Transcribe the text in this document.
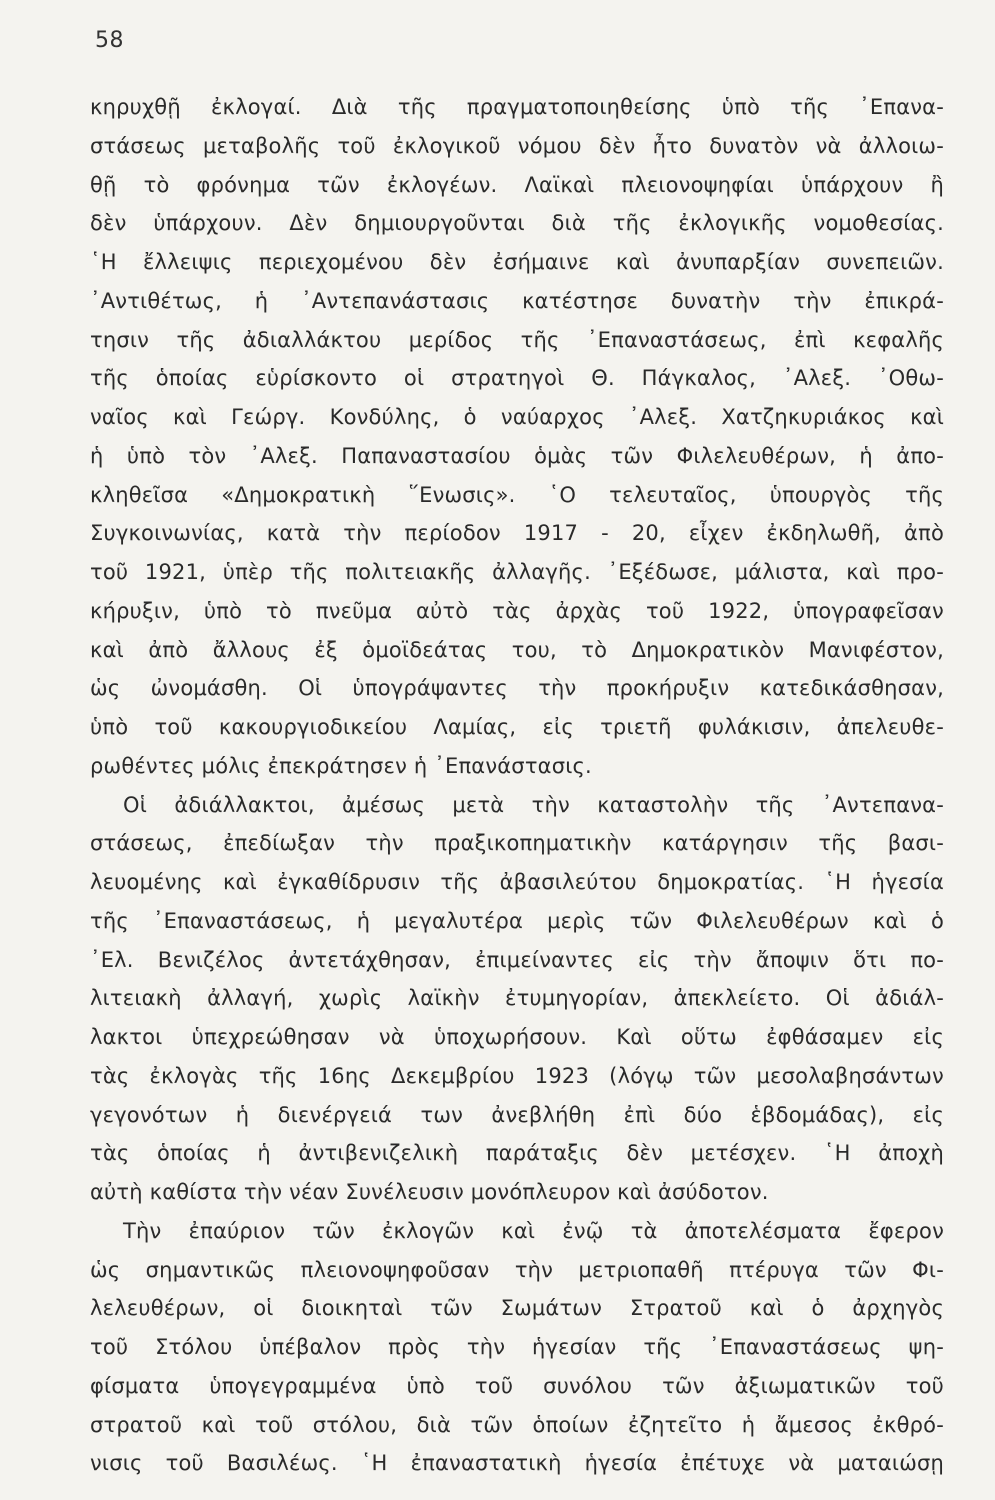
58
κηρυχθῇ ἐκλογαί. Διὰ τῆς πραγματοποιηθείσης ὑπὸ τῆς ᾿Επανα-
στάσεως μεταβολῆς τοῦ ἐκλογικοῦ νόμου δὲν ἦτο δυνατὸν νὰ ἀλλοιω-
θῇ τὸ φρόνημα τῶν ἐκλογέων. Λαϊκαὶ πλειονοψηφίαι ὑπάρχουν ἢ
δὲν ὑπάρχουν. Δὲν δημιουργοῦνται διὰ τῆς ἐκλογικῆς νομοθεσίας.
῾Η ἔλλειψις περιεχομένου δὲν ἐσήμαινε καὶ ἀνυπαρξίαν συνεπειῶν.
᾿Αντιθέτως, ἡ ᾿Αντεπανάστασις κατέστησε δυνατὴν τὴν ἐπικρά-
τησιν τῆς ἀδιαλλάκτου μερίδος τῆς ᾿Επαναστάσεως, ἐπὶ κεφαλῆς
τῆς ὁποίας εὑρίσκοντο οἱ στρατηγοὶ Θ. Πάγκαλος, ᾿Αλεξ. ᾿Οθω-
ναῖος καὶ Γεώργ. Κονδύλης, ὁ ναύαρχος ᾿Αλεξ. Χατζηκυριάκος καὶ
ἡ ὑπὸ τὸν ᾿Αλεξ. Παπαναστασίου ὁμὰς τῶν Φιλελευθέρων, ἡ ἀπο-
κληθεῖσα «Δημοκρατικὴ ῞Ενωσις». ῾Ο τελευταῖος, ὑπουργὸς τῆς
Συγκοινωνίας, κατὰ τὴν περίοδον 1917 - 20, εἶχεν ἐκδηλωθῆ, ἀπὸ
τοῦ 1921, ὑπὲρ τῆς πολιτειακῆς ἀλλαγῆς. ᾿Εξέδωσε, μάλιστα, καὶ προ-
κήρυξιν, ὑπὸ τὸ πνεῦμα αὐτὸ τὰς ἀρχὰς τοῦ 1922, ὑπογραφεῖσαν
καὶ ἀπὸ ἄλλους ἐξ ὁμοϊδεάτας του, τὸ Δημοκρατικὸν Μανιφέστον,
ὡς ὠνομάσθη. Οἱ ὑπογράψαντες τὴν προκήρυξιν κατεδικάσθησαν,
ὑπὸ τοῦ κακουργιοδικείου Λαμίας, εἰς τριετῆ φυλάκισιν, ἀπελευθε-
ρωθέντες μόλις ἐπεκράτησεν ἡ ᾿Επανάστασις.
Οἱ ἀδιάλλακτοι, ἀμέσως μετὰ τὴν καταστολὴν τῆς ᾿Αντεπανα-
στάσεως, ἐπεδίωξαν τὴν πραξικοπηματικὴν κατάργησιν τῆς βασι-
λευομένης καὶ ἐγκαθίδρυσιν τῆς ἀβασιλεύτου δημοκρατίας. ῾Η ἡγεσία
τῆς ᾿Επαναστάσεως, ἡ μεγαλυτέρα μερὶς τῶν Φιλελευθέρων καὶ ὁ
᾿Ελ. Βενιζέλος ἀντετάχθησαν, ἐπιμείναντες εἰς τὴν ἄποψιν ὅτι πο-
λιτειακὴ ἀλλαγή, χωρὶς λαϊκὴν ἐτυμηγορίαν, ἀπεκλείετο. Οἱ ἀδιάλ-
λακτοι ὑπεχρεώθησαν νὰ ὑποχωρήσουν. Καὶ οὕτω ἐφθάσαμεν εἰς
τὰς ἐκλογὰς τῆς 16ης Δεκεμβρίου 1923 (λόγῳ τῶν μεσολαβησάντων
γεγονότων ἡ διενέργειά των ἀνεβλήθη ἐπὶ δύο ἑβδομάδας), εἰς
τὰς ὁποίας ἡ ἀντιβενιζελικὴ παράταξις δὲν μετέσχεν. ῾Η ἀποχὴ
αὐτὴ καθίστα τὴν νέαν Συνέλευσιν μονόπλευρον καὶ ἀσύδοτον.
Τὴν ἐπαύριον τῶν ἐκλογῶν καὶ ἐνῷ τὰ ἀποτελέσματα ἔφερον
ὡς σημαντικῶς πλειονοψηφοῦσαν τὴν μετριοπαθῆ πτέρυγα τῶν Φι-
λελευθέρων, οἱ διοικηταὶ τῶν Σωμάτων Στρατοῦ καὶ ὁ ἀρχηγὸς
τοῦ Στόλου ὑπέβαλον πρὸς τὴν ἡγεσίαν τῆς ᾿Επαναστάσεως ψη-
φίσματα ὑπογεγραμμένα ὑπὸ τοῦ συνόλου τῶν ἀξιωματικῶν τοῦ
στρατοῦ καὶ τοῦ στόλου, διὰ τῶν ὁποίων ἐζητεῖτο ἡ ἄμεσος ἐκθρό-
νισις τοῦ Βασιλέως. ῾Η ἐπαναστατικὴ ἡγεσία ἐπέτυχε νὰ ματαιώσῃ
